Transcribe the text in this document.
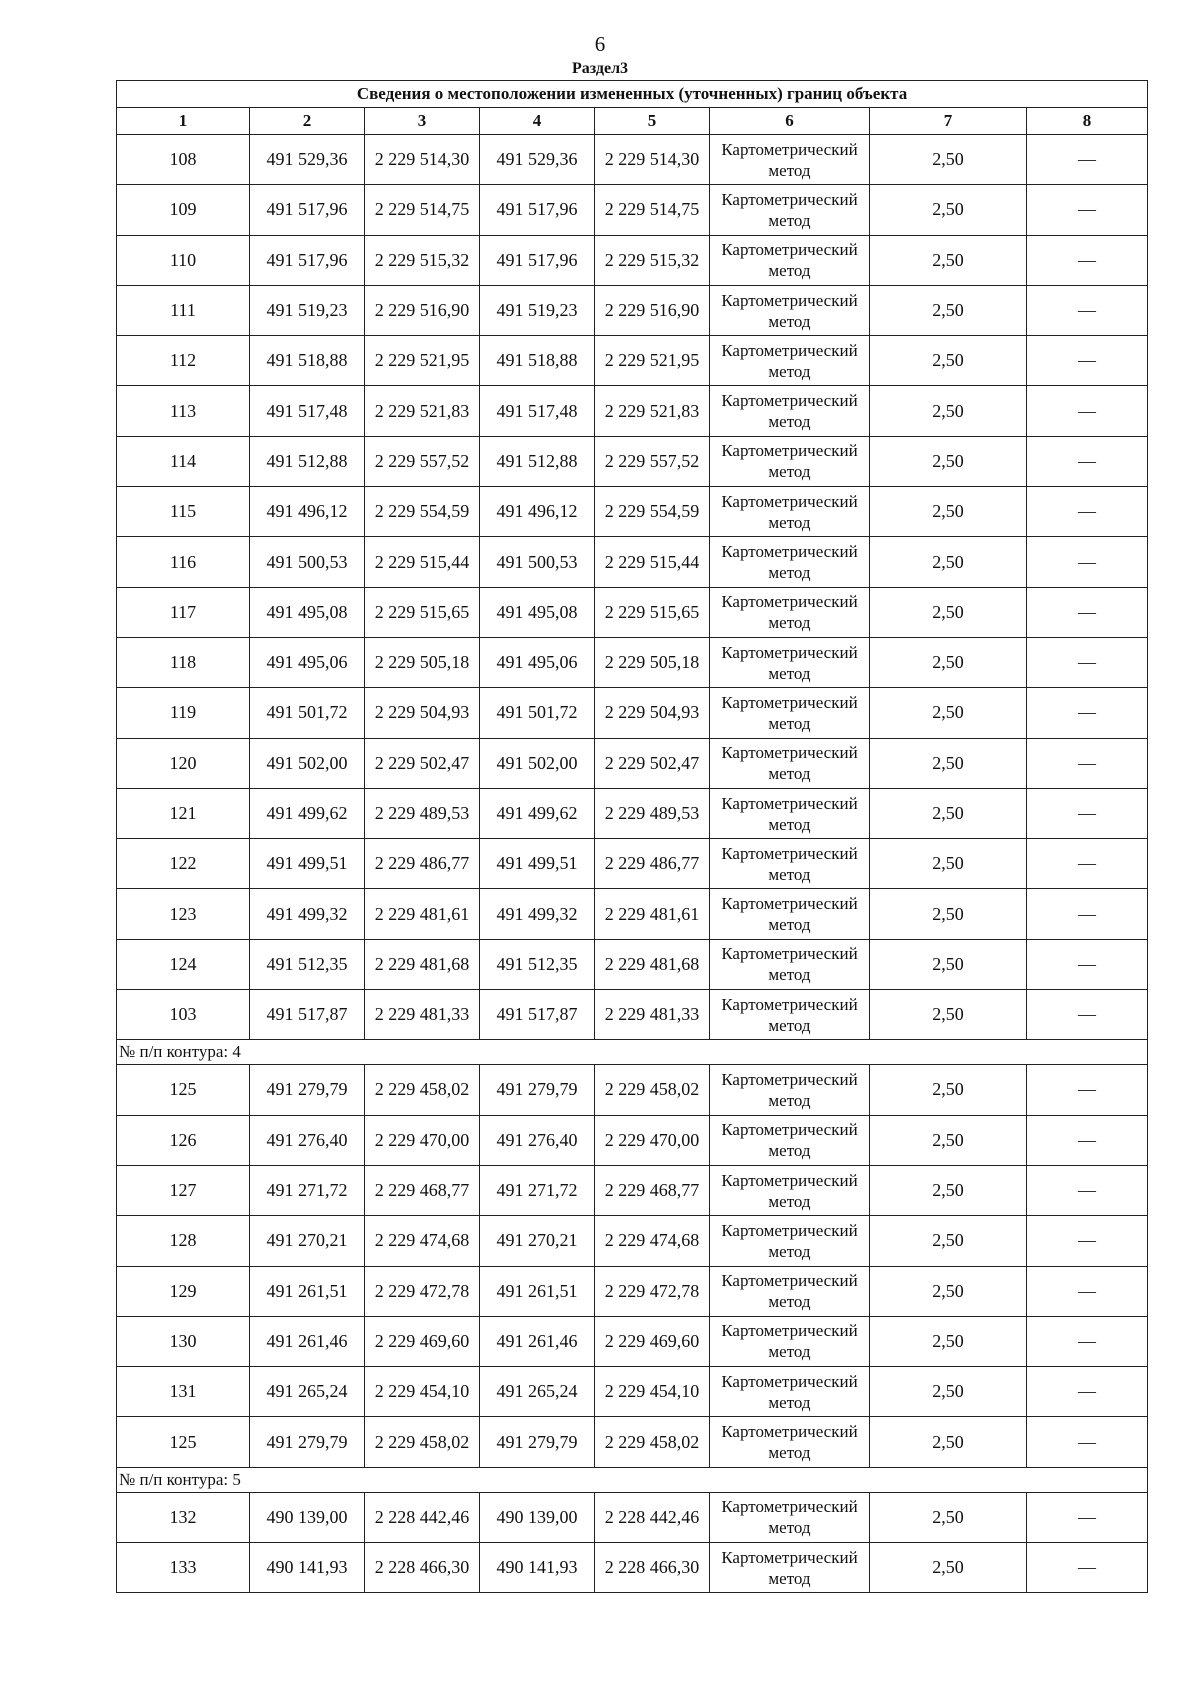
6
Раздел3
Сведения о местоположении измененных (уточненных) границ объекта							
1	2	3	4	5	6	7	8
108	491 529,36	2 229 514,30	491 529,36	2 229 514,30	Картометрический метод	2,50	—
109	491 517,96	2 229 514,75	491 517,96	2 229 514,75	Картометрический метод	2,50	—
110	491 517,96	2 229 515,32	491 517,96	2 229 515,32	Картометрический метод	2,50	—
111	491 519,23	2 229 516,90	491 519,23	2 229 516,90	Картометрический метод	2,50	—
112	491 518,88	2 229 521,95	491 518,88	2 229 521,95	Картометрический метод	2,50	—
113	491 517,48	2 229 521,83	491 517,48	2 229 521,83	Картометрический метод	2,50	—
114	491 512,88	2 229 557,52	491 512,88	2 229 557,52	Картометрический метод	2,50	—
115	491 496,12	2 229 554,59	491 496,12	2 229 554,59	Картометрический метод	2,50	—
116	491 500,53	2 229 515,44	491 500,53	2 229 515,44	Картометрический метод	2,50	—
117	491 495,08	2 229 515,65	491 495,08	2 229 515,65	Картометрический метод	2,50	—
118	491 495,06	2 229 505,18	491 495,06	2 229 505,18	Картометрический метод	2,50	—
119	491 501,72	2 229 504,93	491 501,72	2 229 504,93	Картометрический метод	2,50	—
120	491 502,00	2 229 502,47	491 502,00	2 229 502,47	Картометрический метод	2,50	—
121	491 499,62	2 229 489,53	491 499,62	2 229 489,53	Картометрический метод	2,50	—
122	491 499,51	2 229 486,77	491 499,51	2 229 486,77	Картометрический метод	2,50	—
123	491 499,32	2 229 481,61	491 499,32	2 229 481,61	Картометрический метод	2,50	—
124	491 512,35	2 229 481,68	491 512,35	2 229 481,68	Картометрический метод	2,50	—
103	491 517,87	2 229 481,33	491 517,87	2 229 481,33	Картометрический метод	2,50	—
№ п/п контура: 4							
125	491 279,79	2 229 458,02	491 279,79	2 229 458,02	Картометрический метод	2,50	—
126	491 276,40	2 229 470,00	491 276,40	2 229 470,00	Картометрический метод	2,50	—
127	491 271,72	2 229 468,77	491 271,72	2 229 468,77	Картометрический метод	2,50	—
128	491 270,21	2 229 474,68	491 270,21	2 229 474,68	Картометрический метод	2,50	—
129	491 261,51	2 229 472,78	491 261,51	2 229 472,78	Картометрический метод	2,50	—
130	491 261,46	2 229 469,60	491 261,46	2 229 469,60	Картометрический метод	2,50	—
131	491 265,24	2 229 454,10	491 265,24	2 229 454,10	Картометрический метод	2,50	—
125	491 279,79	2 229 458,02	491 279,79	2 229 458,02	Картометрический метод	2,50	—
№ п/п контура: 5							
132	490 139,00	2 228 442,46	490 139,00	2 228 442,46	Картометрический метод	2,50	—
133	490 141,93	2 228 466,30	490 141,93	2 228 466,30	Картометрический метод	2,50	—
